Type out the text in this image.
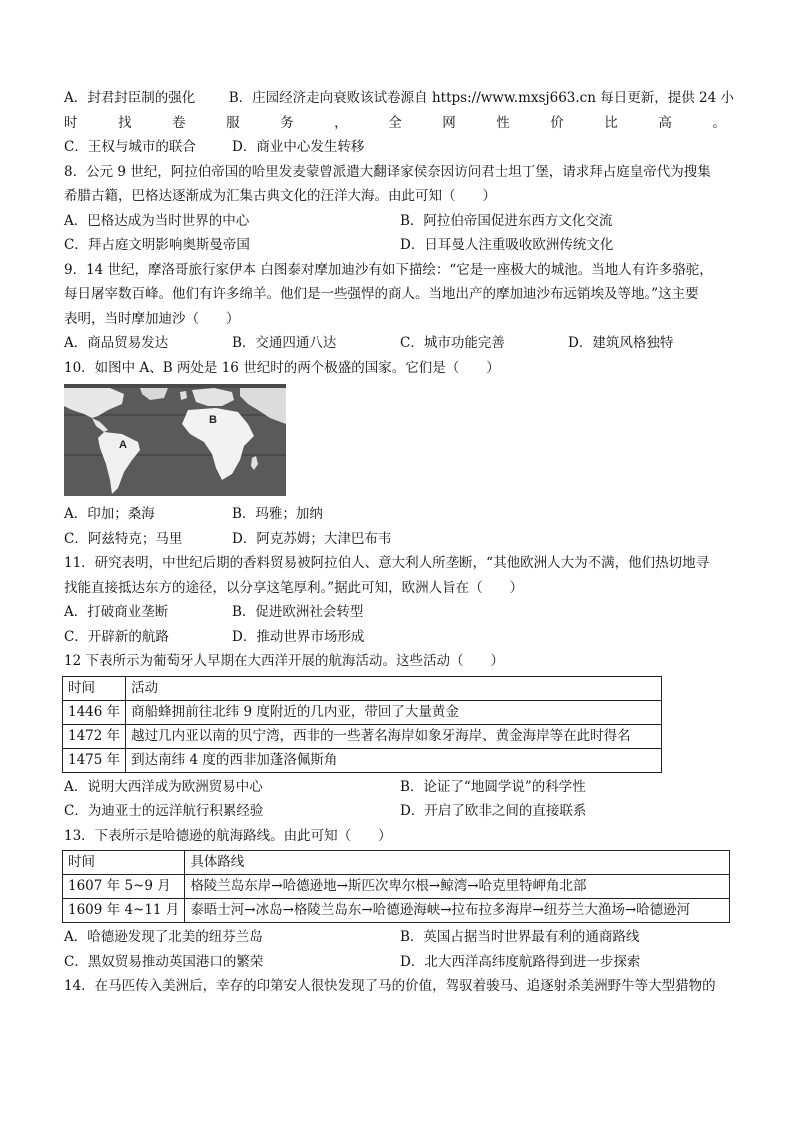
A．封君封臣制的强化	B．庄园经济走向衰败该试卷源自 https://www.mxsj663.cn 每日更新，提供 24 小
时	找	卷	服	务	，	全	网	性	价	比	高	。
C．王权与城市的联合	D．商业中心发生转移
8．公元 9 世纪，阿拉伯帝国的哈里发麦蒙曾派遣大翻译家侯奈因访问君士坦丁堡，请求拜占庭皇帝代为搜集
希腊古籍，巴格达逐渐成为汇集古典文化的汪洋大海。由此可知（　　）
A．巴格达成为当时世界的中心	B．阿拉伯帝国促进东西方文化交流
C．拜占庭文明影响奥斯曼帝国	D．日耳曼人注重吸收欧洲传统文化
9．14 世纪，摩洛哥旅行家伊本 白图泰对摩加迪沙有如下描绘：“它是一座极大的城池。当地人有许多骆驼，
每日屠宰数百峰。他们有许多绵羊。他们是一些强悍的商人。当地出产的摩加迪沙布远销埃及等地。”这主要
表明，当时摩加迪沙（　　）
A．商品贸易发达	B．交通四通八达	C．城市功能完善	D．建筑风格独特
10．如图中 A、B 两处是 16 世纪时的两个极盛的国家。它们是（　　）
A
B
A．印加；桑海	B．玛雅；加纳
C．阿兹特克；马里	D．阿克苏姆；大津巴布韦
11．研究表明，中世纪后期的香料贸易被阿拉伯人、意大利人所垄断，“其他欧洲人大为不满，他们热切地寻
找能直接抵达东方的途径，以分享这笔厚利。”据此可知，欧洲人旨在（　　）
A．打破商业垄断	B．促进欧洲社会转型
C．开辟新的航路	D．推动世界市场形成
12 下表所示为葡萄牙人早期在大西洋开展的航海活动。这些活动（　　）
时间	活动
1446 年	商船蜂拥前往北纬 9 度附近的几内亚，带回了大量黄金
1472 年	越过几内亚以南的贝宁湾，西非的一些著名海岸如象牙海岸、黄金海岸等在此时得名
1475 年	到达南纬 4 度的西非加蓬洛佩斯角
A．说明大西洋成为欧洲贸易中心	B．论证了“地圆学说”的科学性
C．为迪亚士的远洋航行积累经验	D．开启了欧非之间的直接联系
13．下表所示是哈德逊的航海路线。由此可知（　　）
时间	具体路线
1607 年 5~9 月	格陵兰岛东岸→哈德逊地→斯匹次卑尔根→鲸湾→哈克里特岬角北部
1609 年 4~11 月	泰晤士河→冰岛→格陵兰岛东→哈德逊海峡→拉布拉多海岸→纽芬兰大渔场→哈德逊河
A．哈德逊发现了北美的纽芬兰岛	B．英国占据当时世界最有利的通商路线
C．黑奴贸易推动英国港口的繁荣	D．北大西洋高纬度航路得到进一步探索
14．在马匹传入美洲后，幸存的印第安人很快发现了马的价值，驾驭着骏马、追逐射杀美洲野牛等大型猎物的
